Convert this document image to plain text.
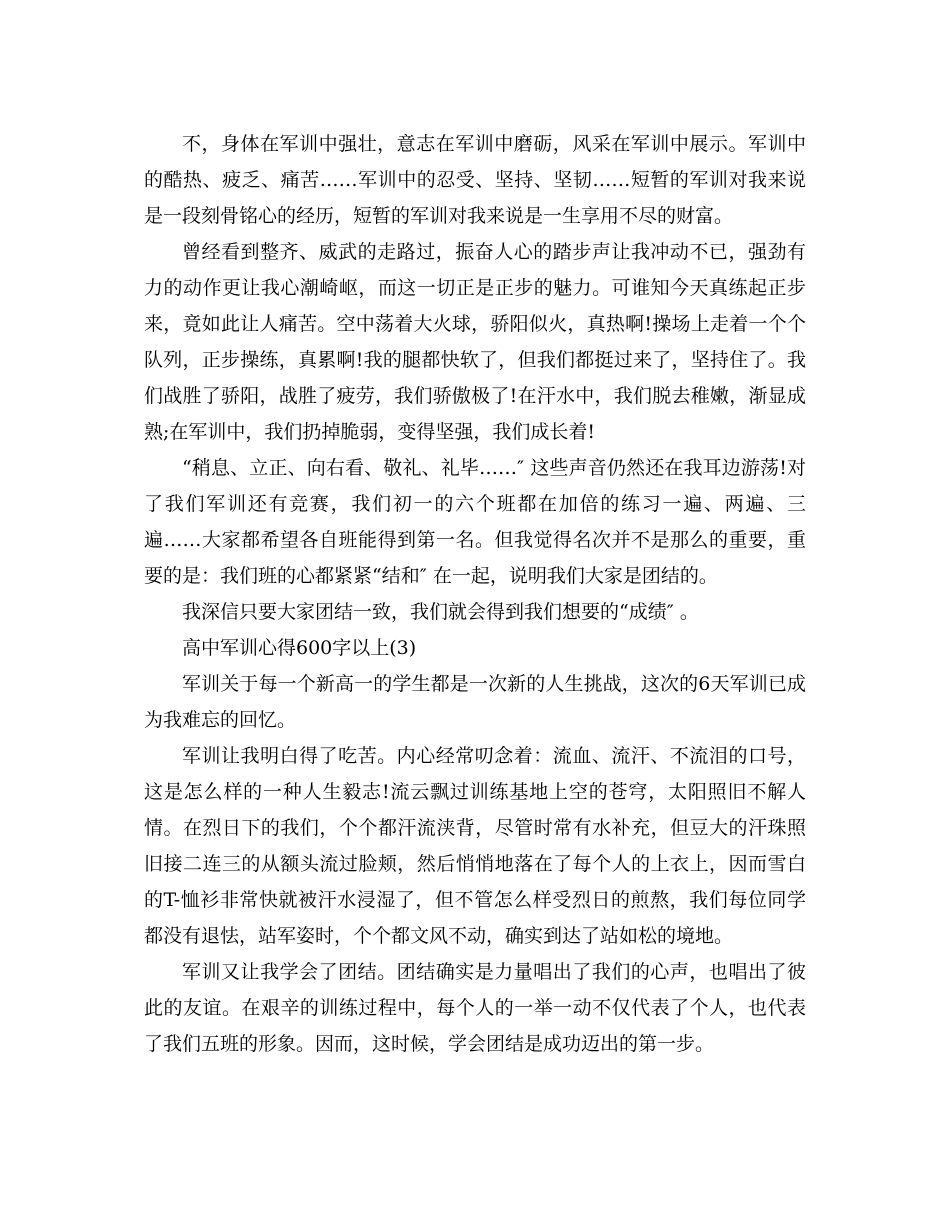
不，身体在军训中强壮，意志在军训中磨砺，风采在军训中展示。军训中的酷热、疲乏、痛苦……军训中的忍受、坚持、坚韧……短暂的军训对我来说是一段刻骨铭心的经历，短暂的军训对我来说是一生享用不尽的财富。

曾经看到整齐、威武的走路过，振奋人心的踏步声让我冲动不已，强劲有力的动作更让我心潮崎岖，而这一切正是正步的魅力。可谁知今天真练起正步来，竟如此让人痛苦。空中荡着大火球，骄阳似火，真热啊!操场上走着一个个队列，正步操练，真累啊!我的腿都快软了，但我们都挺过来了，坚持住了。我们战胜了骄阳，战胜了疲劳，我们骄傲极了!在汗水中，我们脱去稚嫩，渐显成熟;在军训中，我们扔掉脆弱，变得坚强，我们成长着!

“稍息、立正、向右看、敬礼、礼毕……″ 这些声音仍然还在我耳边游荡!对了我们军训还有竞赛，我们初一的六个班都在加倍的练习一遍、两遍、三遍……大家都希望各自班能得到第一名。但我觉得名次并不是那么的重要，重要的是：我们班的心都紧紧“结和″ 在一起，说明我们大家是团结的。

我深信只要大家团结一致，我们就会得到我们想要的“成绩″ 。

高中军训心得600字以上(3)

军训关于每一个新高一的学生都是一次新的人生挑战，这次的6天军训已成为我难忘的回忆。

军训让我明白得了吃苦。内心经常叨念着：流血、流汗、不流泪的口号，这是怎么样的一种人生毅志!流云飘过训练基地上空的苍穹，太阳照旧不解人情。在烈日下的我们，个个都汗流浃背，尽管时常有水补充，但豆大的汗珠照旧接二连三的从额头流过脸颊，然后悄悄地落在了每个人的上衣上，因而雪白的T-恤衫非常快就被汗水浸湿了，但不管怎么样受烈日的煎熬，我们每位同学都没有退怯，站军姿时，个个都文风不动，确实到达了站如松的境地。

军训又让我学会了团结。团结确实是力量唱出了我们的心声，也唱出了彼此的友谊。在艰辛的训练过程中，每个人的一举一动不仅代表了个人，也代表了我们五班的形象。因而，这时候，学会团结是成功迈出的第一步。
